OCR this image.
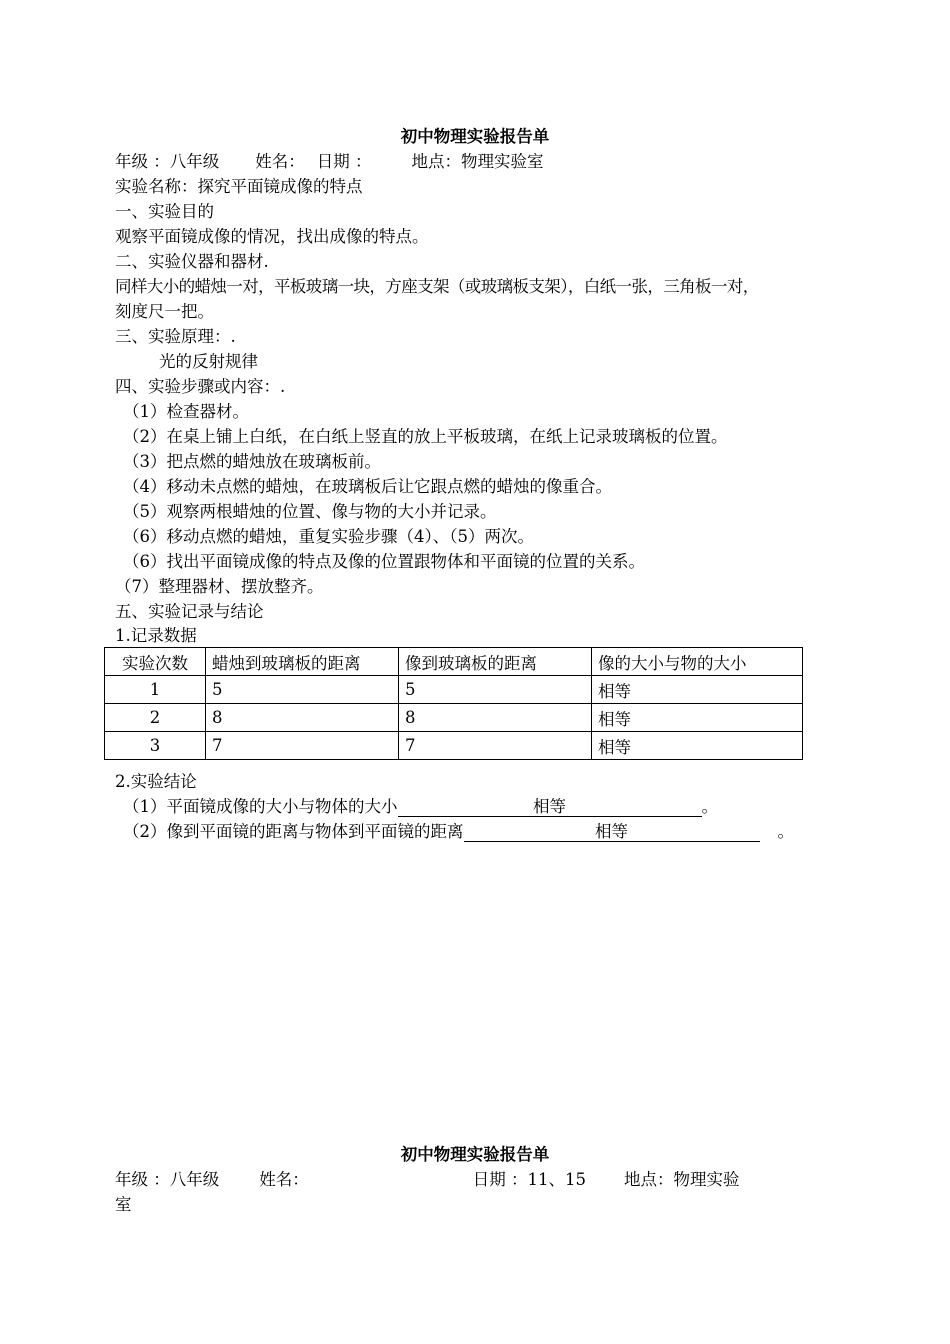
初中物理实验报告单
年级 ：八年级 姓名： 日期 ： 地点：物理实验室
实验名称：探究平面镜成像的特点
一、实验目的
观察平面镜成像的情况，找出成像的特点。
二、实验仪器和器材.
同样大小的蜡烛一对，平板玻璃一块，方座支架（或玻璃板支架），白纸一张，三角板一对，
刻度尺一把。
三、实验原理：.
光的反射规律
四、实验步骤或内容：.
（1）检查器材。
（2）在桌上铺上白纸，在白纸上竖直的放上平板玻璃，在纸上记录玻璃板的位置。
（3）把点燃的蜡烛放在玻璃板前。
（4）移动未点燃的蜡烛，在玻璃板后让它跟点燃的蜡烛的像重合。
（5）观察两根蜡烛的位置、像与物的大小并记录。
（6）移动点燃的蜡烛，重复实验步骤（4）、（5）两次。
（6）找出平面镜成像的特点及像的位置跟物体和平面镜的位置的关系。
（7）整理器材、摆放整齐。
五、实验记录与结论
1.记录数据
实验次数	蜡烛到玻璃板的距离	像到玻璃板的距离	像的大小与物的大小
1	5	5	相等
2	8	8	相等
3	7	7	相等
2.实验结论
（1）平面镜成像的大小与物体的大小	相等	。
（2）像到平面镜的距离与物体到平面镜的距离	相等	。
初中物理实验报告单
年级 ：八年级 姓名：	日期 ：11、15 地点：物理实验
室
